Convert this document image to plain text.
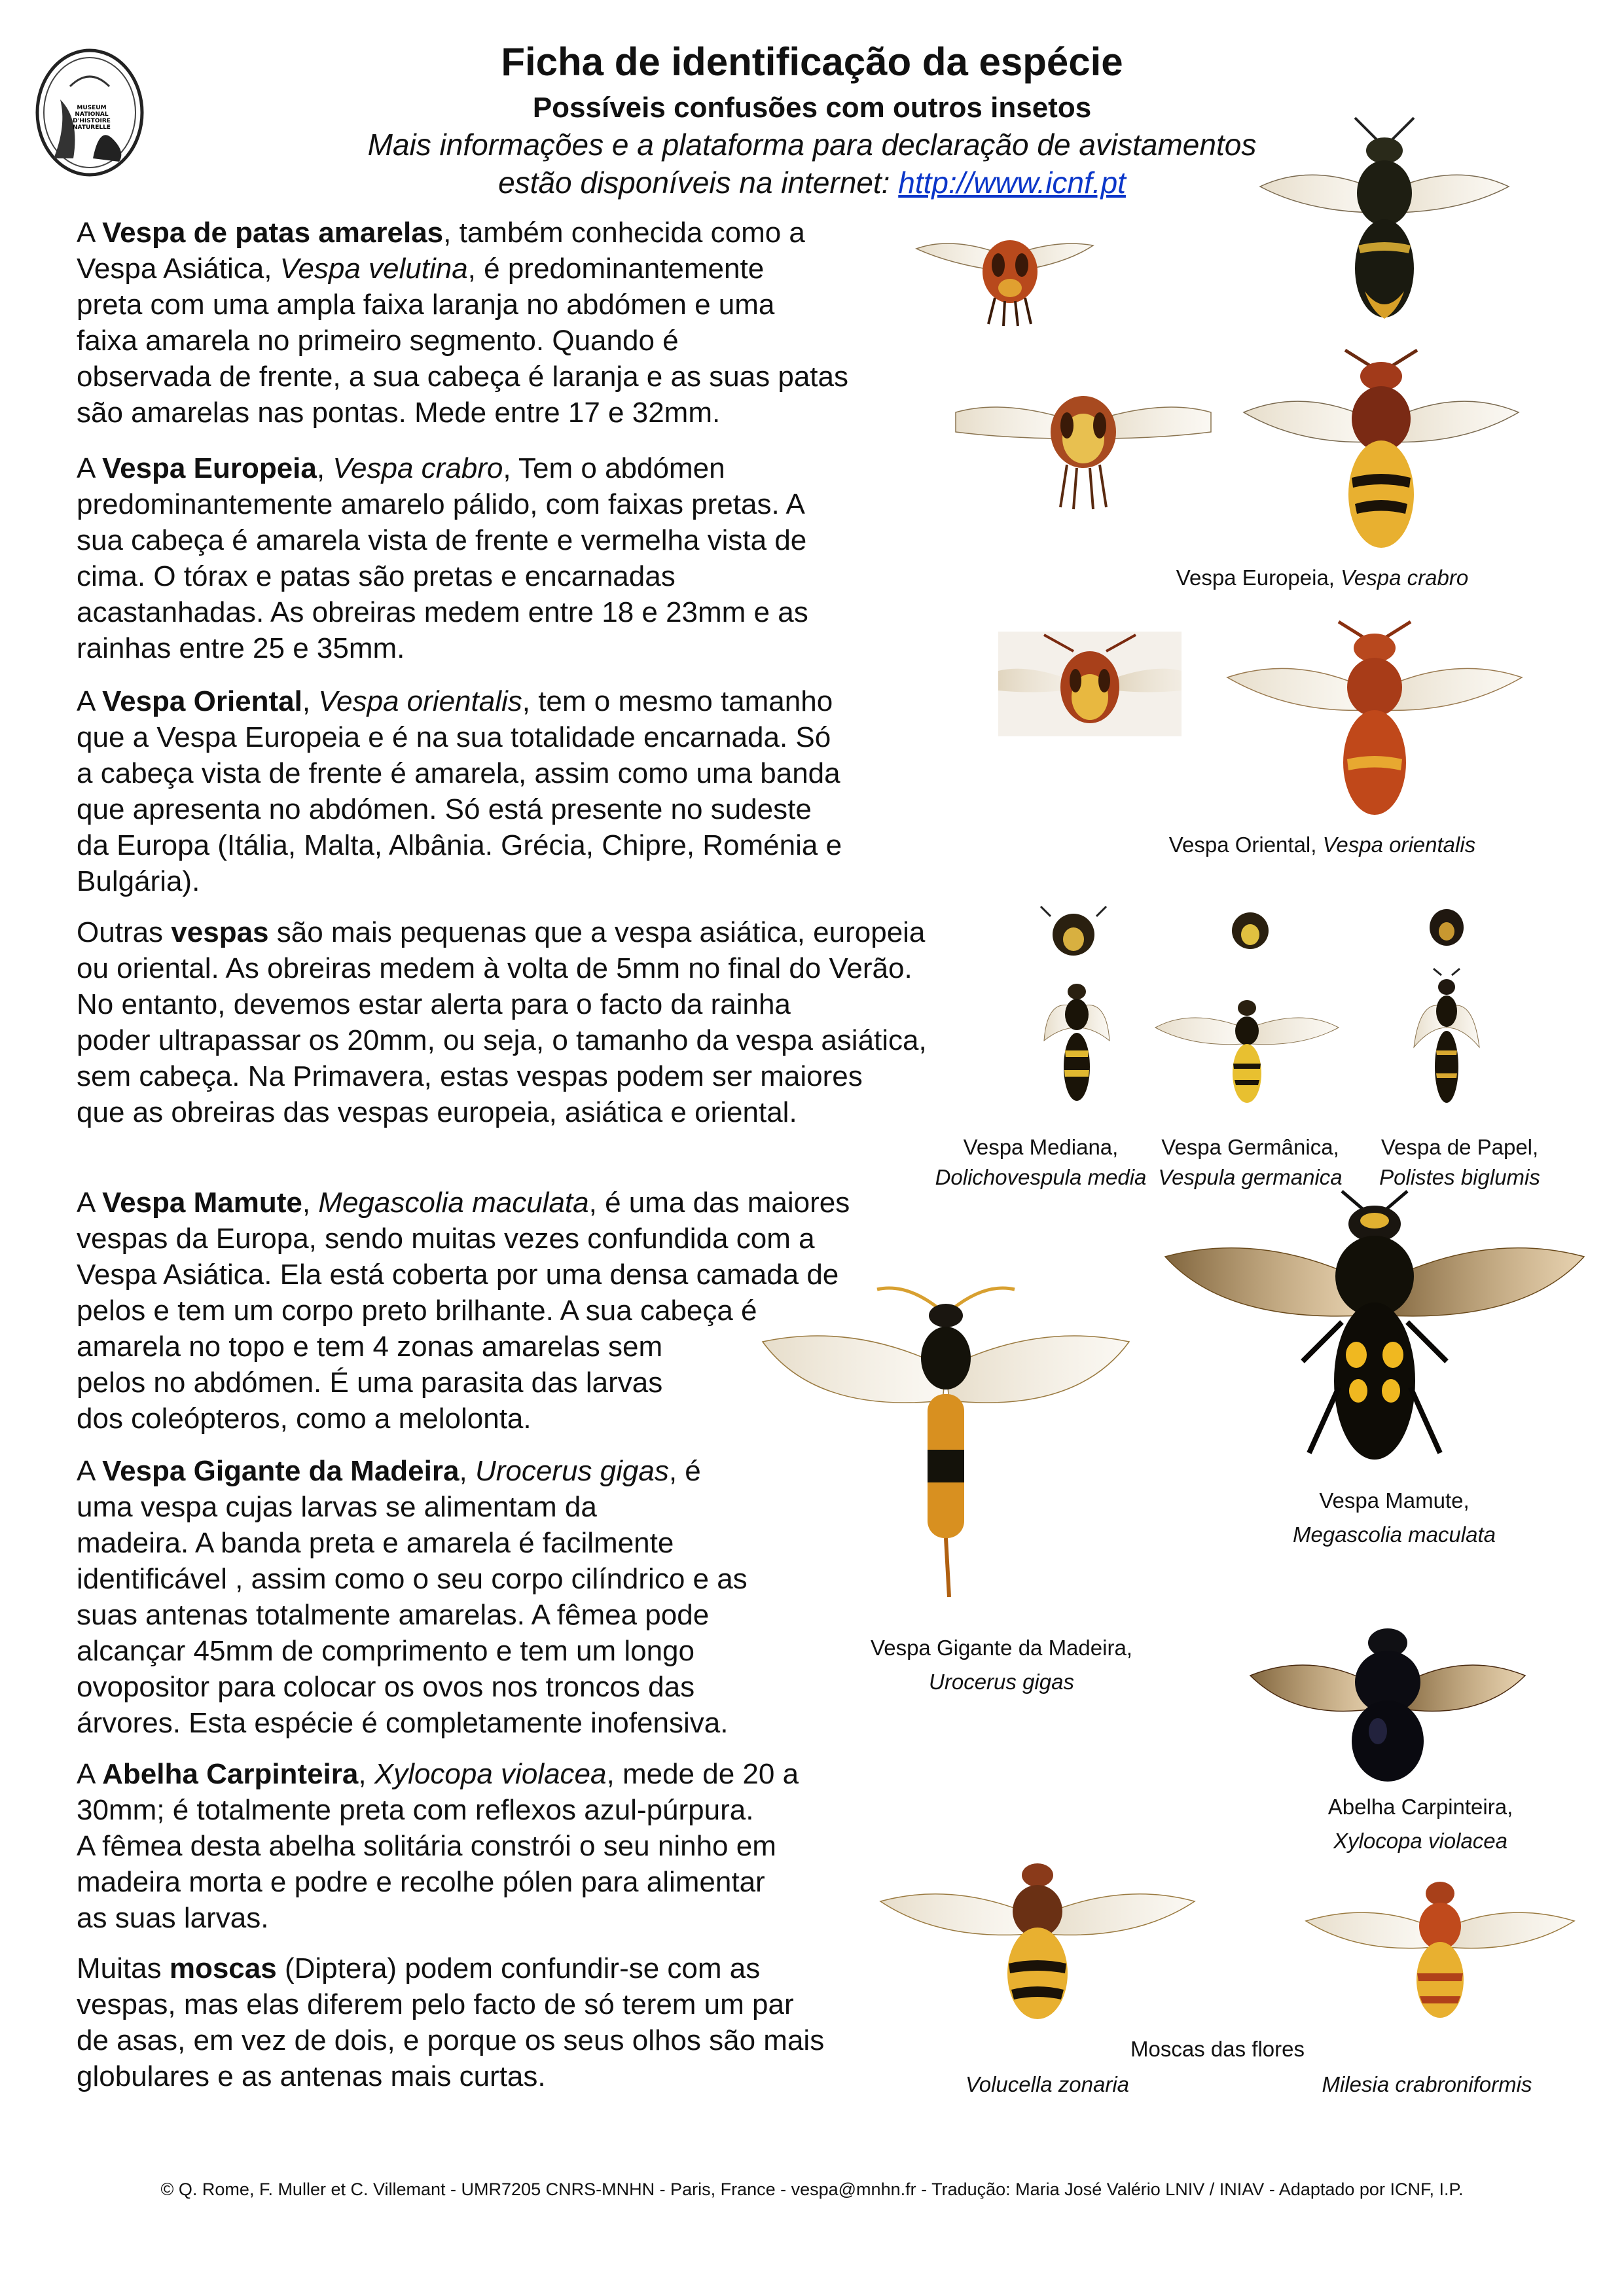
MUSEUM
NATIONAL
D'HISTOIRE
NATURELLE
Ficha de identificação da espécie
Possíveis confusões com outros insetos
Mais informações e a plataforma para declaração de avistamentos
estão disponíveis na internet: http://www.icnf.pt
A Vespa de patas amarelas, também conhecida como a
Vespa Asiática, Vespa velutina, é predominantemente
preta com uma ampla faixa laranja no abdómen e uma
faixa amarela no primeiro segmento. Quando é
observada de frente, a sua cabeça é laranja e as suas patas
são amarelas nas pontas. Mede entre 17 e 32mm.
A Vespa Europeia, Vespa crabro, Tem o abdómen
predominantemente amarelo pálido, com faixas pretas. A
sua cabeça é amarela vista de frente e vermelha vista de
cima. O tórax e patas são pretas e encarnadas
acastanhadas. As obreiras medem entre 18 e 23mm e as
rainhas entre 25 e 35mm.
A Vespa Oriental, Vespa orientalis, tem o mesmo tamanho
que a Vespa Europeia e é na sua totalidade encarnada. Só
a cabeça vista de frente é amarela, assim como uma banda
que apresenta no abdómen. Só está presente no sudeste
da Europa (Itália, Malta, Albânia. Grécia, Chipre, Roménia e
Bulgária).
Outras vespas são mais pequenas que a vespa asiática, europeia
ou oriental. As obreiras medem à volta de 5mm no final do Verão.
No entanto, devemos estar alerta para o facto da rainha
poder ultrapassar os 20mm, ou seja, o tamanho da vespa asiática,
sem cabeça. Na Primavera, estas vespas podem ser maiores
que as obreiras das vespas europeia, asiática e oriental.
A Vespa Mamute, Megascolia maculata, é uma das maiores
vespas da Europa, sendo muitas vezes confundida com a
Vespa Asiática. Ela está coberta por uma densa camada de
pelos e tem um corpo preto brilhante. A sua cabeça é
amarela no topo e tem 4 zonas amarelas sem
pelos no abdómen. É uma parasita das larvas
dos coleópteros, como a melolonta.
A Vespa Gigante da Madeira, Urocerus gigas, é
uma vespa cujas larvas se alimentam da
madeira. A banda preta e amarela é facilmente
identificável , assim como o seu corpo cilíndrico e as
suas antenas totalmente amarelas. A fêmea pode
alcançar 45mm de comprimento e tem um longo
ovopositor para colocar os ovos nos troncos das
árvores. Esta espécie é completamente inofensiva.
A Abelha Carpinteira, Xylocopa violacea, mede de 20 a
30mm; é totalmente preta com reflexos azul-púrpura.
A fêmea desta abelha solitária constrói o seu ninho em
madeira morta e podre e recolhe pólen para alimentar
as suas larvas.
Muitas moscas (Diptera) podem confundir-se com as
vespas, mas elas diferem pelo facto de só terem um par
de asas, em vez de dois, e porque os seus olhos são mais
globulares e as antenas mais curtas.
Vespa Europeia, Vespa crabro
Vespa Oriental, Vespa orientalis
Vespa Mediana,
Dolichovespula media
Vespa Germânica,
Vespula germanica
Vespa de Papel,
Polistes biglumis
Vespa Mamute,
Megascolia maculata
Vespa Gigante da Madeira,
Urocerus gigas
Abelha Carpinteira,
Xylocopa violacea
Moscas das flores
Volucella zonaria	Milesia crabroniformis
© Q. Rome, F. Muller et C. Villemant - UMR7205 CNRS-MNHN - Paris, France - vespa@mnhn.fr - Tradução: Maria José Valério LNIV / INIAV - Adaptado por ICNF, I.P.
